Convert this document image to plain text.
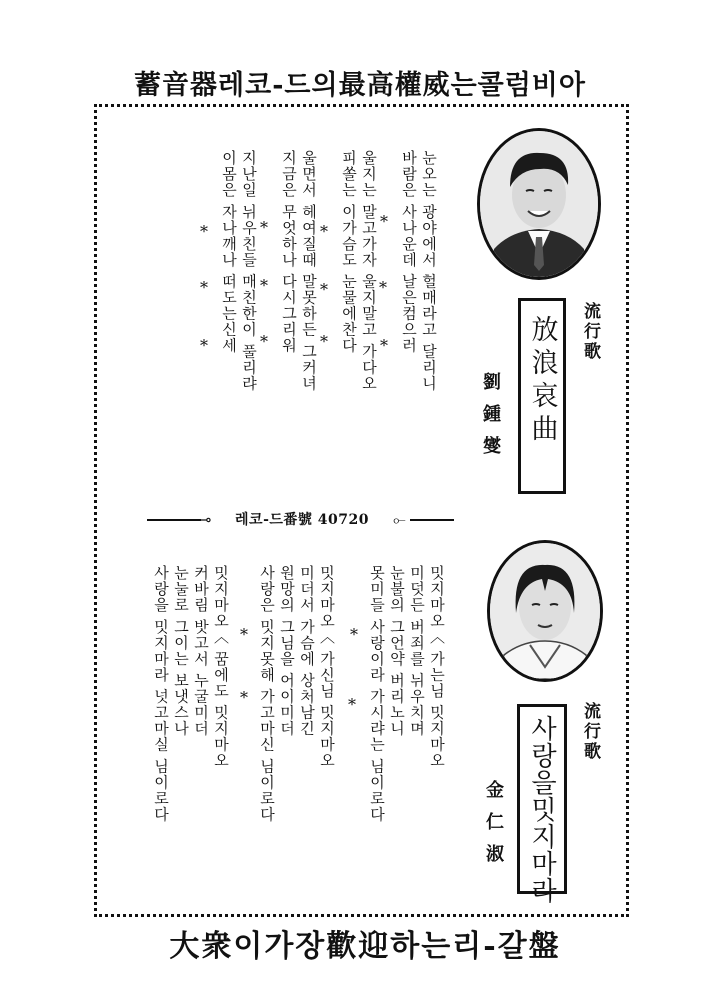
蓄音器레코-드의最高權威는콜럼비아
流行歌
放浪哀曲
劉鍾燮
눈오는 광야에서 헐매라고 달리니
바람은 사나운데 날은컴으러
울지는 말고가자 울지말고 가다오
피쏠는 이가슴도 눈물에찬다
울면서 헤여질때 말못하든 그커녀
지금은 무엇하나 다시그리워
지난일 뉘우친들 매친한이 풀리랴
이몸은 자나깨나 떠도는신세	*
*
*
*
*
*
*
*
*
*
*
*
⊸	레코-드番號 40720	⟜
流行歌
사랑을밋지마라
金仁淑
밋지마오〈 가는님 밋지마오
미덧든 버죄를 뉘우치며
눈불의 그언약 버리노니
못미들 사랑이라 가시랴는 님이로다
밋지마오〈 가신님 밋지마오
미더서 가슴에 상처남긴
원망의 그님을 어이미더
사랑은 밋지못해 가고마신 님이로다
밋지마오〈 꿈에도 밋지마오
커바림 밧고서 누굴미더
눈눌로 그이는 보냇스나
사랑을 밋지마라 넛고마실 님이로다	*
*
*
*
大衆이가장歡迎하는리-갈盤
